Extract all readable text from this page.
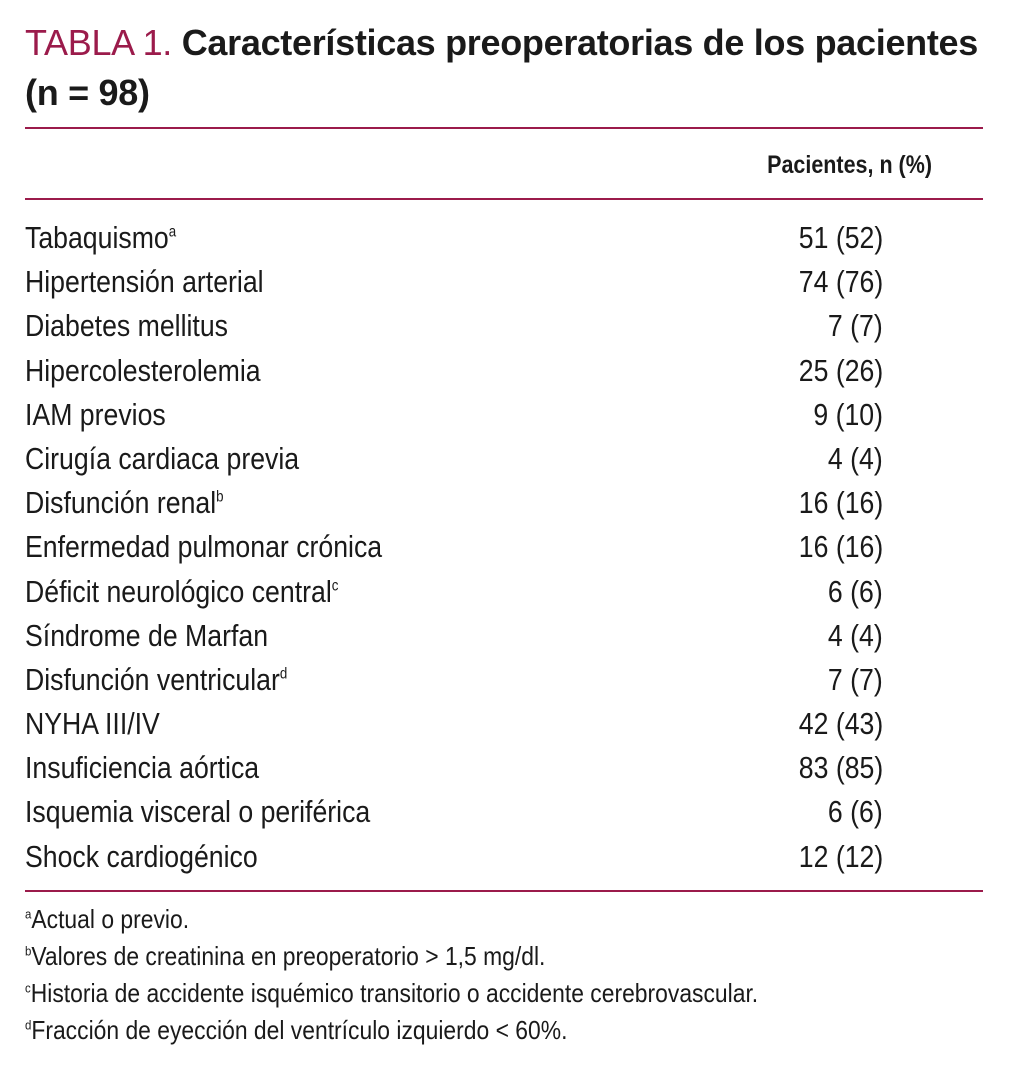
TABLA 1. Características preoperatorias de los pacientes (n = 98)
Pacientes, n (%)
Tabaquismo$^a$	51 (52)
Hipertensión arterial	74 (76)
Diabetes mellitus	7 (7)
Hipercolesterolemia	25 (26)
IAM previos	9 (10)
Cirugía cardiaca previa	4 (4)
Disfunción renal$^b$	16 (16)
Enfermedad pulmonar crónica	16 (16)
Déficit neurológico central$^c$	6 (6)
Síndrome de Marfan	4 (4)
Disfunción ventricular$^d$	7 (7)
NYHA III/IV	42 (43)
Insuficiencia aórtica	83 (85)
Isquemia visceral o periférica	6 (6)
Shock cardiogénico	12 (12)
$^a$Actual o previo.
$^b$Valores de creatinina en preoperatorio > 1,5 mg/dl.
$^c$Historia de accidente isquémico transitorio o accidente cerebrovascular.
$^d$Fracción de eyección del ventrículo izquierdo < 60%.
